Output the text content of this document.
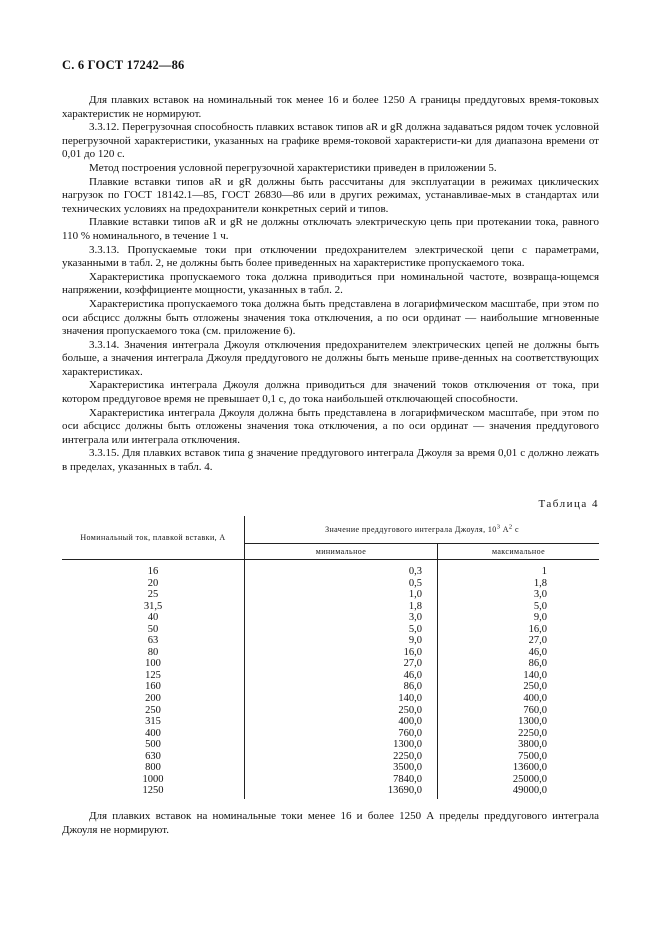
С. 6 ГОСТ 17242—86

Для плавких вставок на номинальный ток менее 16 и более 1250 А границы преддуговых время-токовых характеристик не нормируют.

3.3.12. Перегрузочная способность плавких вставок типов aR и gR должна задаваться рядом точек условной перегрузочной характеристики, указанных на графике время-токовой характеристи-ки для диапазона времени от 0,01 до 120 с.

Метод построения условной перегрузочной характеристики приведен в приложении 5.

Плавкие вставки типов aR и gR должны быть рассчитаны для эксплуатации в режимах циклических нагрузок по ГОСТ 18142.1—85, ГОСТ 26830—86 или в других режимах, устанавливае-мых в стандартах или технических условиях на предохранители конкретных серий и типов.

Плавкие вставки типов aR и gR не должны отключать электрическую цепь при протекании тока, равного 110 % номинального, в течение 1 ч.

3.3.13. Пропускаемые токи при отключении предохранителем электрической цепи с параметрами, указанными в табл. 2, не должны быть более приведенных на характеристике пропускаемого тока.

Характеристика пропускаемого тока должна приводиться при номинальной частоте, возвраща-ющемся напряжении, коэффициенте мощности, указанных в табл. 2.

Характеристика пропускаемого тока должна быть представлена в логарифмическом масштабе, при этом по оси абсцисс должны быть отложены значения тока отключения, а по оси ординат — наибольшие мгновенные значения пропускаемого тока (см. приложение 6).

3.3.14. Значения интеграла Джоуля отключения предохранителем электрических цепей не должны быть больше, а значения интеграла Джоуля преддугового не должны быть меньше приве-денных на соответствующих характеристиках.

Характеристика интеграла Джоуля должна приводиться для значений токов отключения от тока, при котором преддуговое время не превышает 0,1 с, до тока наибольшей отключающей способности.

Характеристика интеграла Джоуля должна быть представлена в логарифмическом масштабе, при этом по оси абсцисс должны быть отложены значения тока отключения, а по оси ординат — значения преддугового интеграла или интеграла отключения.

3.3.15. Для плавких вставок типа g значение преддугового интеграла Джоуля за время 0,01 с должно лежать в пределах, указанных в табл. 4.

Таблица 4
Номинальный ток, плавкой вставки, А	Значение преддугового интеграла Джоуля, $10^3$ $А^2$ с	
	минимальное	максимальное
16	0,3	1
20	0,5	1,8
25	1,0	3,0
31,5	1,8	5,0
40	3,0	9,0
50	5,0	16,0
63	9,0	27,0
80	16,0	46,0
100	27,0	86,0
125	46,0	140,0
160	86,0	250,0
200	140,0	400,0
250	250,0	760,0
315	400,0	1300,0
400	760,0	2250,0
500	1300,0	3800,0
630	2250,0	7500,0
800	3500,0	13600,0
1000	7840,0	25000,0
1250	13690,0	49000,0

Для плавких вставок на номинальные токи менее 16 и более 1250 А пределы преддугового интеграла Джоуля не нормируют.
